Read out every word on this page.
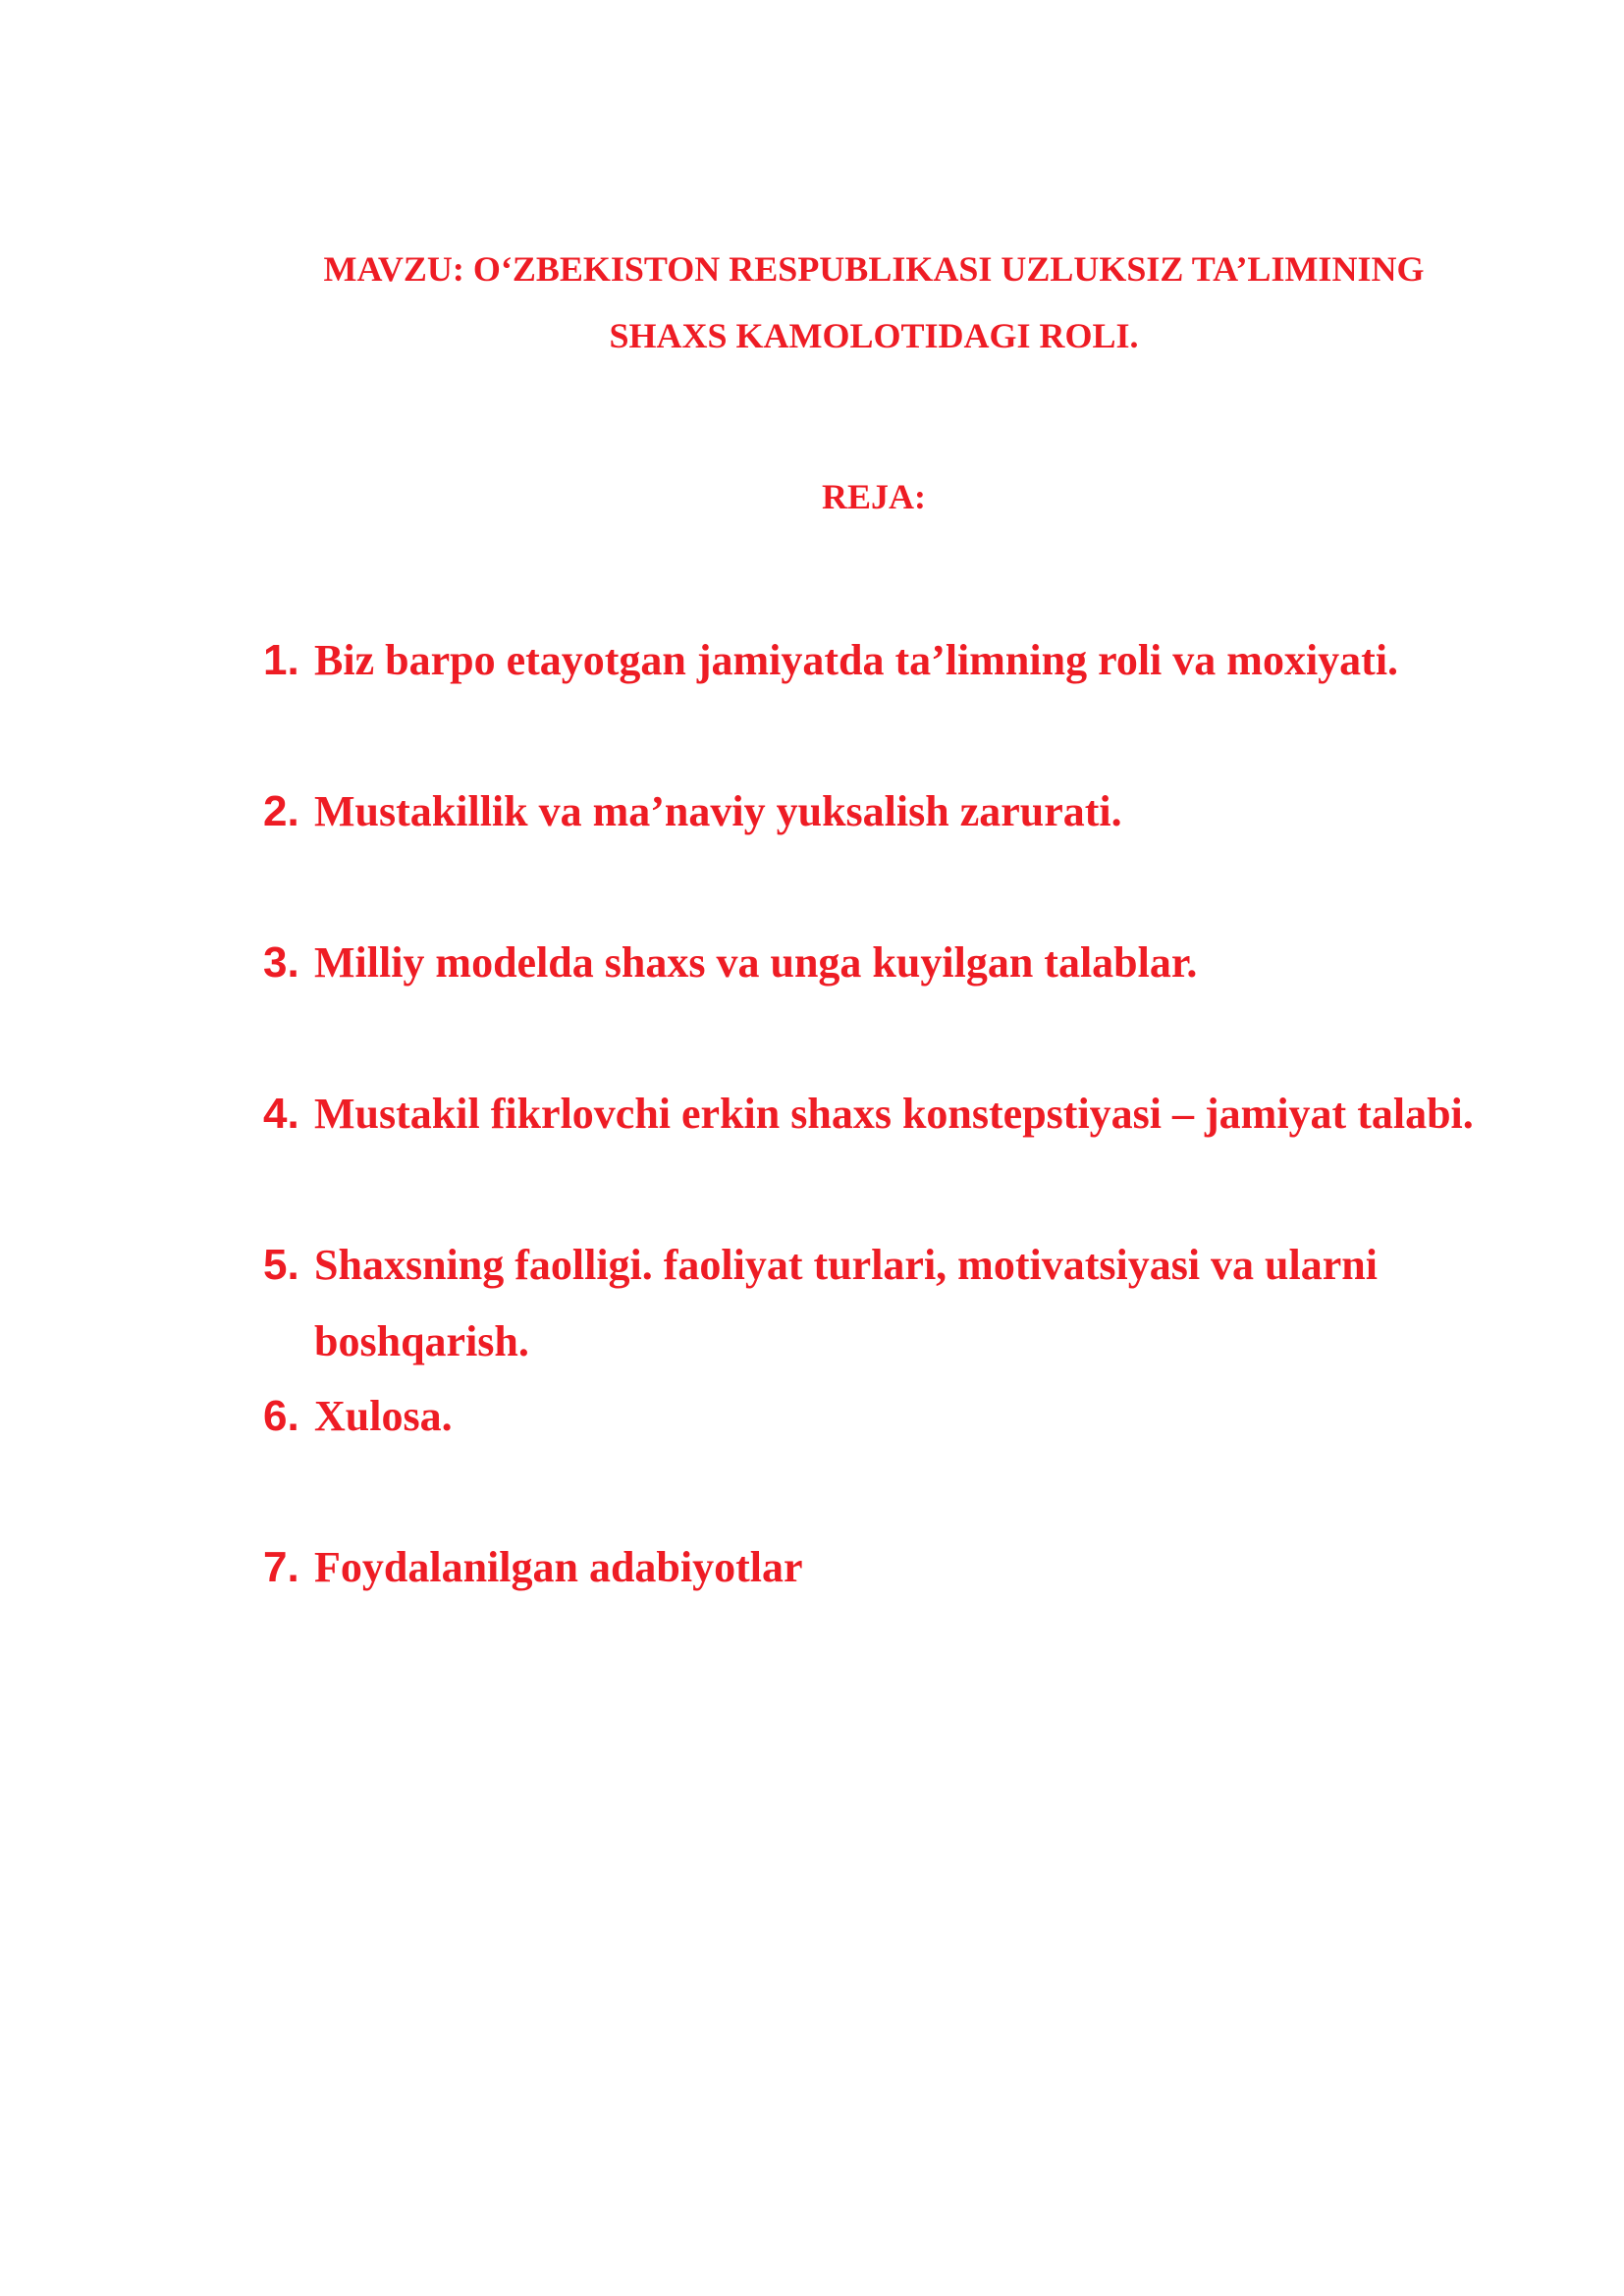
MAVZU: O‘ZBEKISTON RESPUBLIKASI UZLUKSIZ TA’LIMINING
SHAXS KAMOLOTIDAGI ROLI.
REJA:
1. Biz barpo etayotgan jamiyatda ta’limning roli va moxiyati.
2. Mustakillik va ma’naviy yuksalish zarurati.
3. Milliy modelda shaxs va unga kuyilgan talablar.
4. Mustakil fikrlovchi erkin shaxs konstepstiyasi – jamiyat talabi.
5. Shaxsning faolligi. faoliyat turlari, motivatsiyasi va ularni
boshqarish.
6. Xulosa.
7. Foydalanilgan adabiyotlar
